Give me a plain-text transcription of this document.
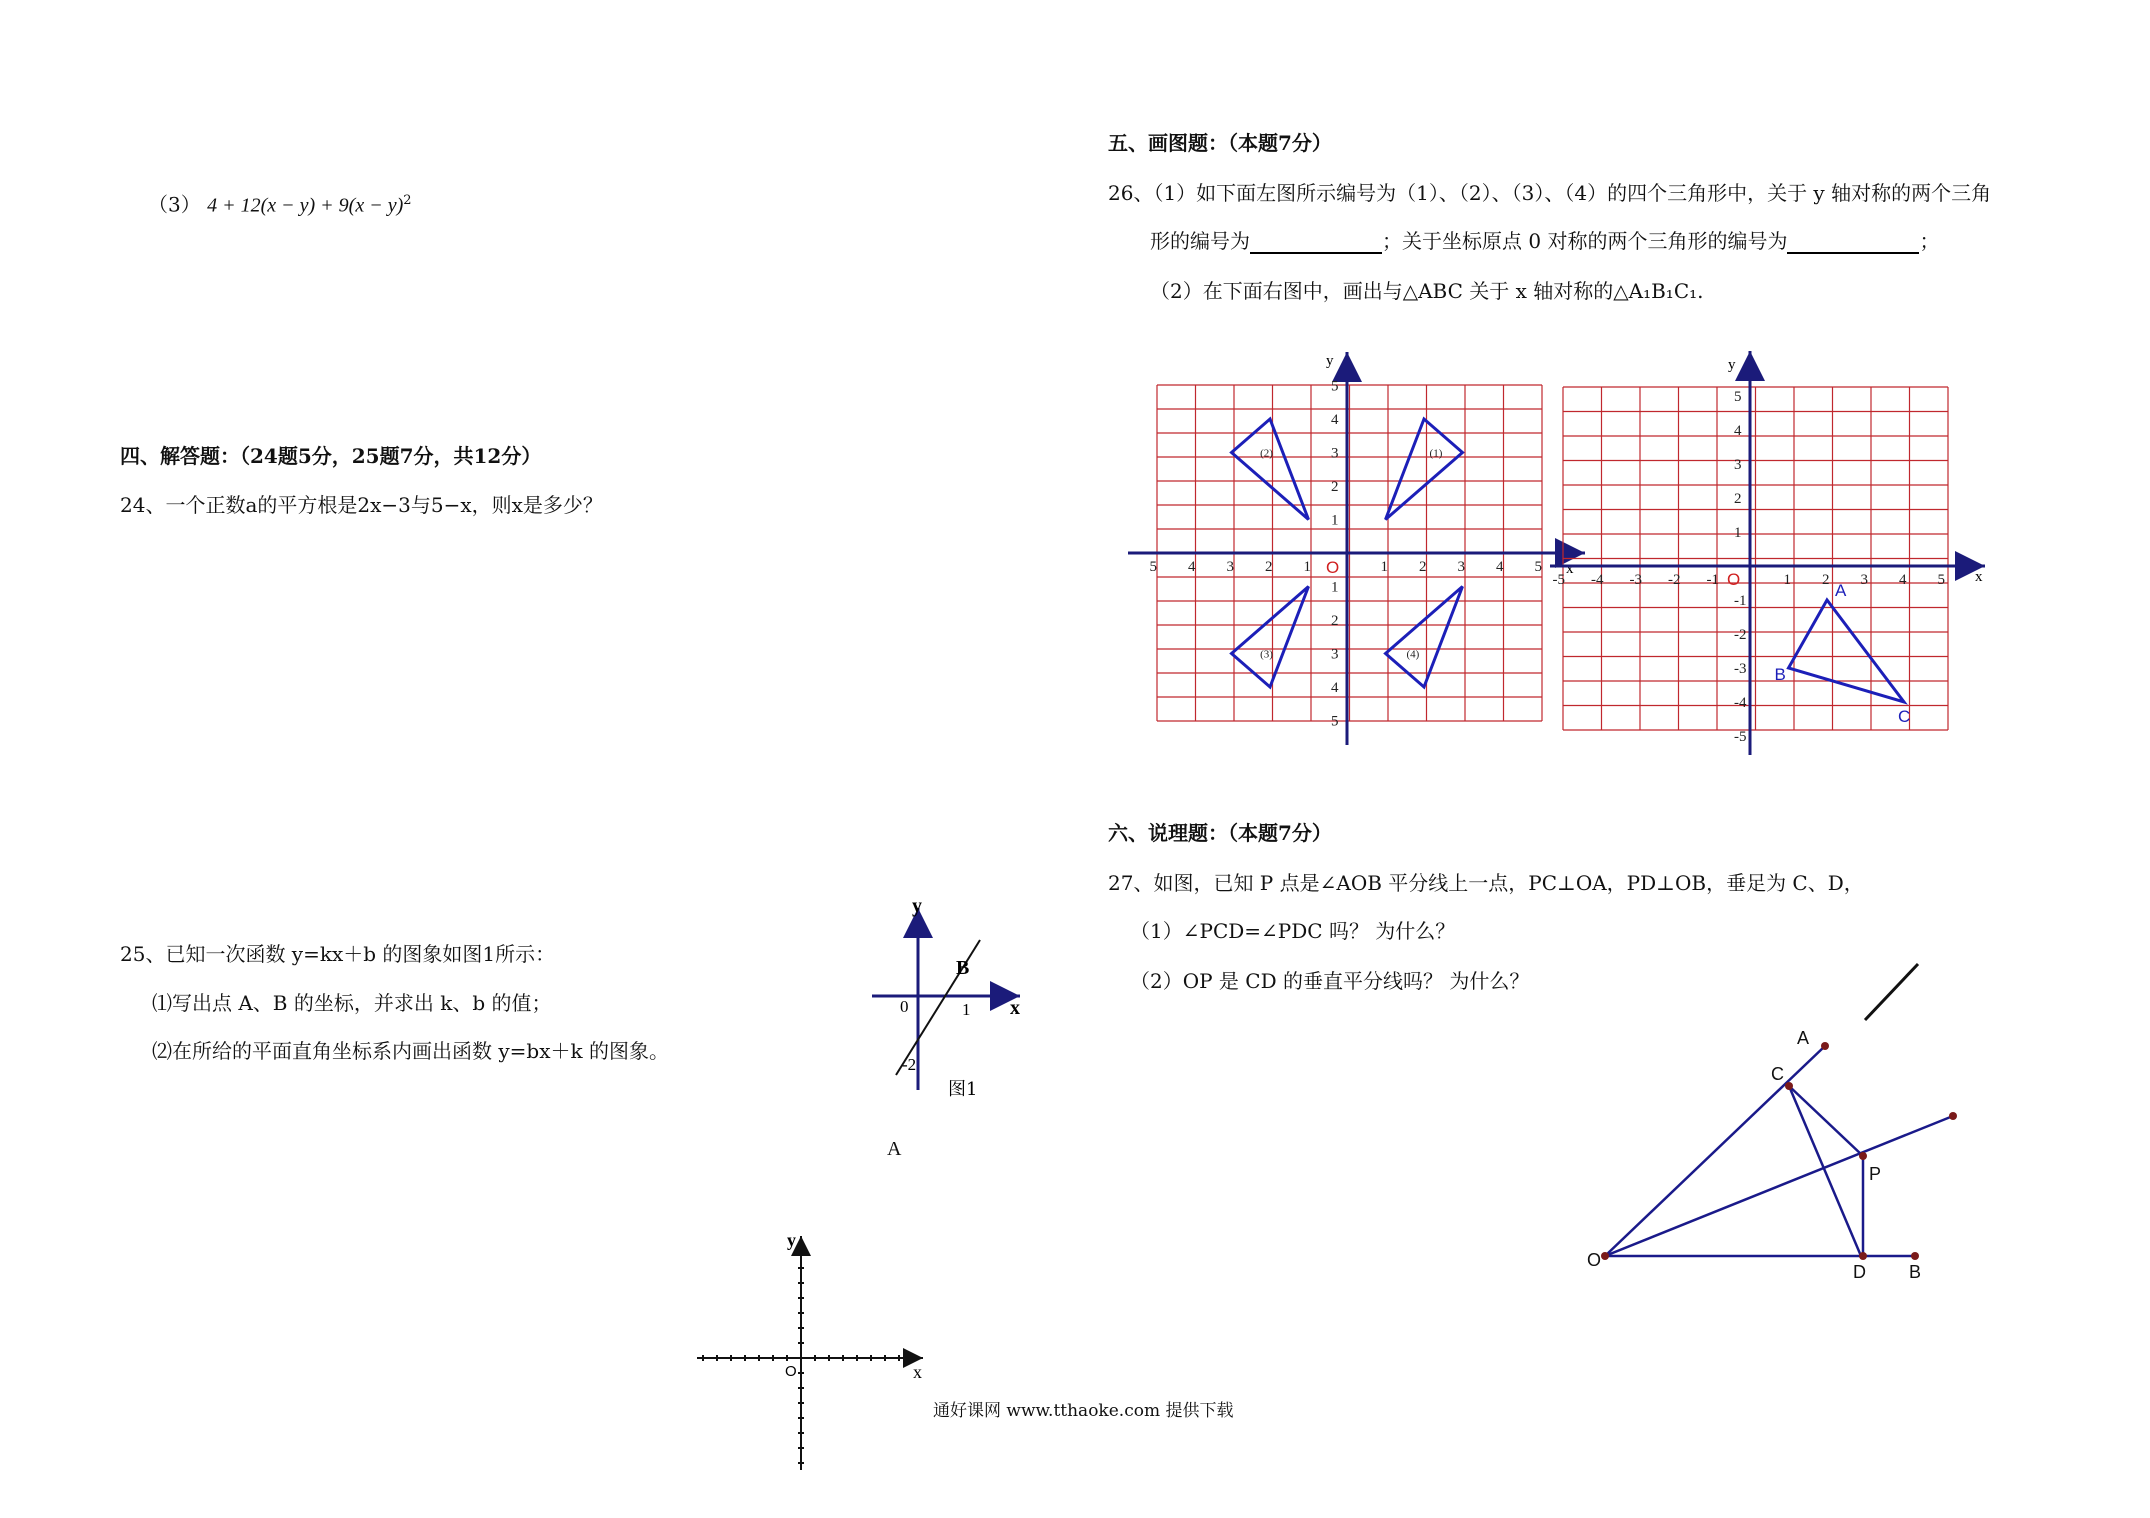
（3） $4 + 12(x - y) + 9(x - y)^2$
四、解答题：（24题5分，25题7分，共12分）
24、一个正数a的平方根是2x−3与5−x，则x是多少？
25、已知一次函数 y=kx＋b 的图象如图1所示：
⑴写出点 A、B 的坐标，并求出 k、b 的值；
⑵在所给的平面直角坐标系内画出函数 y=bx＋k 的图象。
y
x
0
B
1
-2
图1
A
y
x
O
通好课网 www.tthaoke.com 提供下载
五、画图题：（本题7分）
26、（1）如下面左图所示编号为（1）、（2）、（3）、（4）的四个三角形中，关于 y 轴对称的两个三角
形的编号为	；关于坐标原点 0 对称的两个三角形的编号为	；
（2）在下面右图中，画出与△ABC 关于 x 轴对称的△A₁B₁C₁.
5 4 3 2 1	1 2 3 4 5
5
4
3
2
1
1
2
3
4
5
(1)
(2)
(3)	(4)
y
x
O
-5 -4 -3 -2 -1	1 2 3 4 5
5
4
3
2
1
-1
-2
-3
-4
-5
A
B
C
y
x
O
六、说理题：（本题7分）
27、如图，已知 P 点是∠AOB 平分线上一点，PC⊥OA，PD⊥OB，垂足为 C、D，
（1）∠PCD=∠PDC 吗？ 为什么？
（2）OP 是 CD 的垂直平分线吗？ 为什么？
A
C
P
O
D B
